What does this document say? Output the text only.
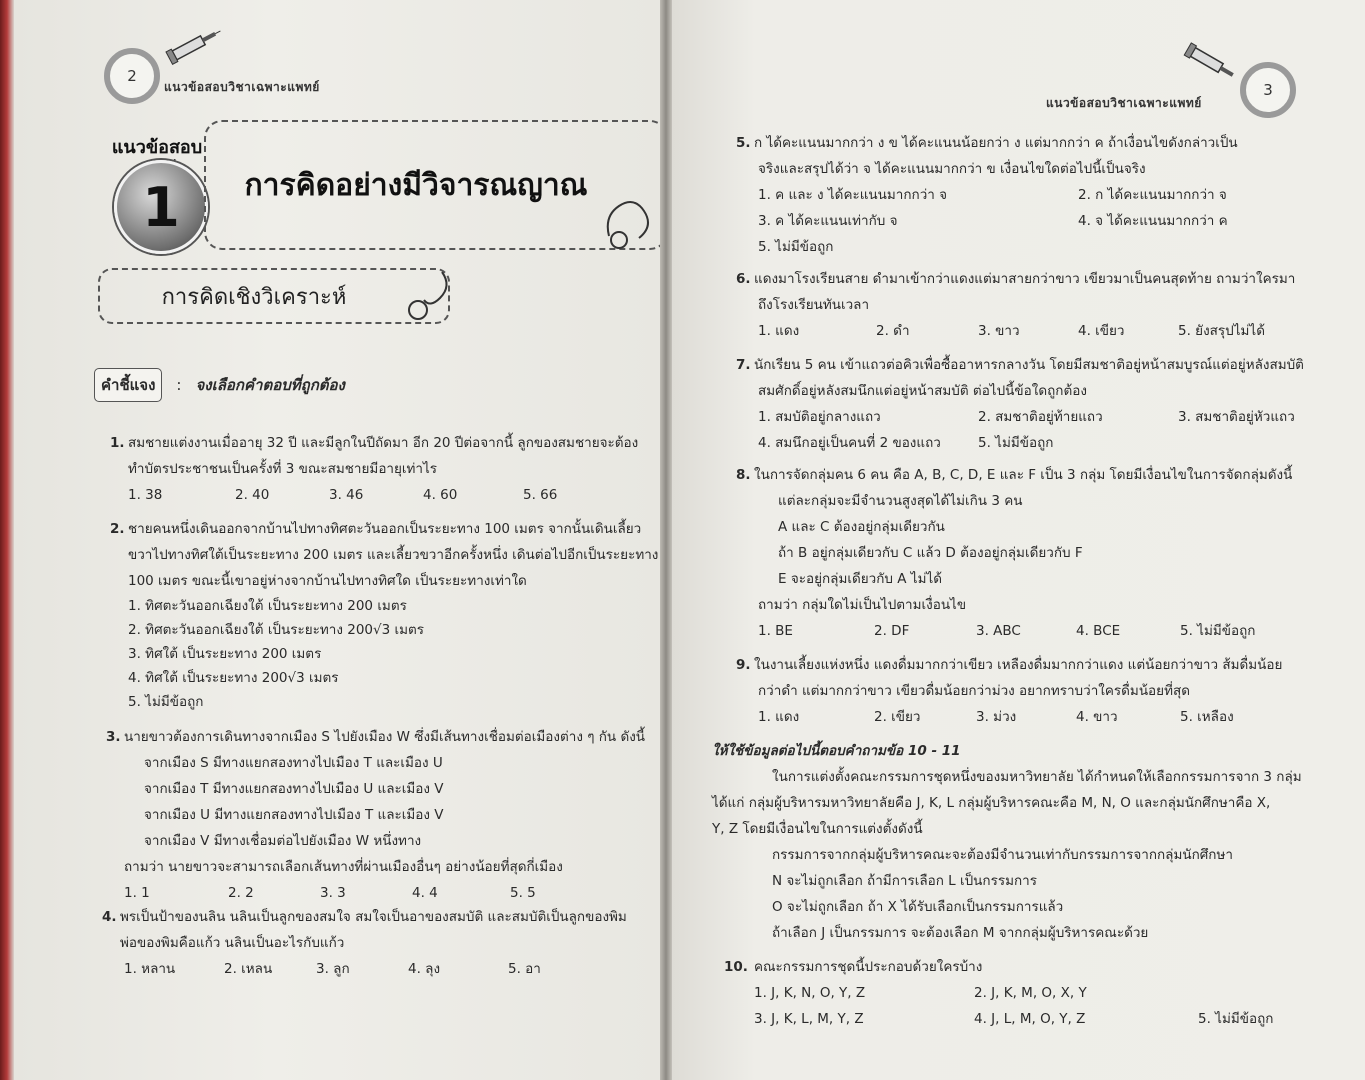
2
แนวข้อสอบวิชาเฉพาะแพทย์
แนวข้อสอบ
1	การคิดอย่างมีวิจารณญาณ
การคิดเชิงวิเคราะห์
คำชี้แจง	: จงเลือกคำตอบที่ถูกต้อง
1. สมชายแต่งงานเมื่ออายุ 32 ปี และมีลูกในปีถัดมา อีก 20 ปีต่อจากนี้ ลูกของสมชายจะต้อง
ทำบัตรประชาชนเป็นครั้งที่ 3 ขณะสมชายมีอายุเท่าไร
1. 38	2. 40	3. 46	4. 60	5. 66
2. ชายคนหนึ่งเดินออกจากบ้านไปทางทิศตะวันออกเป็นระยะทาง 100 เมตร จากนั้นเดินเลี้ยว
ขวาไปทางทิศใต้เป็นระยะทาง 200 เมตร และเลี้ยวขวาอีกครั้งหนึ่ง เดินต่อไปอีกเป็นระยะทาง
100 เมตร ขณะนี้เขาอยู่ห่างจากบ้านไปทางทิศใด เป็นระยะทางเท่าใด
1. ทิศตะวันออกเฉียงใต้ เป็นระยะทาง 200 เมตร
2. ทิศตะวันออกเฉียงใต้ เป็นระยะทาง 200√3 เมตร
3. ทิศใต้ เป็นระยะทาง 200 เมตร
4. ทิศใต้ เป็นระยะทาง 200√3 เมตร
5. ไม่มีข้อถูก
3. นายขาวต้องการเดินทางจากเมือง S ไปยังเมือง W ซึ่งมีเส้นทางเชื่อมต่อเมืองต่าง ๆ กัน ดังนี้
จากเมือง S มีทางแยกสองทางไปเมือง T และเมือง U
จากเมือง T มีทางแยกสองทางไปเมือง U และเมือง V
จากเมือง U มีทางแยกสองทางไปเมือง T และเมือง V
จากเมือง V มีทางเชื่อมต่อไปยังเมือง W หนึ่งทาง
ถามว่า นายขาวจะสามารถเลือกเส้นทางที่ผ่านเมืองอื่นๆ อย่างน้อยที่สุดกี่เมือง
1. 1	2. 2	3. 3	4. 4	5. 5
4. พรเป็นป้าของนลิน นลินเป็นลูกของสมใจ สมใจเป็นอาของสมบัติ และสมบัติเป็นลูกของพิม
พ่อของพิมคือแก้ว นลินเป็นอะไรกับแก้ว
1. หลาน	2. เหลน	3. ลูก	4. ลุง	5. อา
แนวข้อสอบวิชาเฉพาะแพทย์
3
5. ก ได้คะแนนมากกว่า ง ข ได้คะแนนน้อยกว่า ง แต่มากกว่า ค ถ้าเงื่อนไขดังกล่าวเป็น
จริงและสรุปได้ว่า จ ได้คะแนนมากกว่า ข เงื่อนไขใดต่อไปนี้เป็นจริง
1. ค และ ง ได้คะแนนมากกว่า จ	2. ก ได้คะแนนมากกว่า จ
3. ค ได้คะแนนเท่ากับ จ	4. จ ได้คะแนนมากกว่า ค
5. ไม่มีข้อถูก
6. แดงมาโรงเรียนสาย ดำมาเข้ากว่าแดงแต่มาสายกว่าขาว เขียวมาเป็นคนสุดท้าย ถามว่าใครมา
ถึงโรงเรียนทันเวลา
1. แดง	2. ดำ	3. ขาว	4. เขียว	5. ยังสรุปไม่ได้
7. นักเรียน 5 คน เข้าแถวต่อคิวเพื่อซื้ออาหารกลางวัน โดยมีสมชาติอยู่หน้าสมบูรณ์แต่อยู่หลังสมบัติ
สมศักดิ์อยู่หลังสมนึกแต่อยู่หน้าสมบัติ ต่อไปนี้ข้อใดถูกต้อง
1. สมบัติอยู่กลางแถว	2. สมชาติอยู่ท้ายแถว	3. สมชาติอยู่หัวแถว
4. สมนึกอยู่เป็นคนที่ 2 ของแถว	5. ไม่มีข้อถูก
8. ในการจัดกลุ่มคน 6 คน คือ A, B, C, D, E และ F เป็น 3 กลุ่ม โดยมีเงื่อนไขในการจัดกลุ่มดังนี้
แต่ละกลุ่มจะมีจำนวนสูงสุดได้ไม่เกิน 3 คน
A และ C ต้องอยู่กลุ่มเดียวกัน
ถ้า B อยู่กลุ่มเดียวกับ C แล้ว D ต้องอยู่กลุ่มเดียวกับ F
E จะอยู่กลุ่มเดียวกับ A ไม่ได้
ถามว่า กลุ่มใดไม่เป็นไปตามเงื่อนไข
1. BE	2. DF	3. ABC	4. BCE	5. ไม่มีข้อถูก
9. ในงานเลี้ยงแห่งหนึ่ง แดงดื่มมากกว่าเขียว เหลืองดื่มมากกว่าแดง แต่น้อยกว่าขาว ส้มดื่มน้อย
กว่าดำ แต่มากกว่าขาว เขียวดื่มน้อยกว่าม่วง อยากทราบว่าใครดื่มน้อยที่สุด
1. แดง	2. เขียว	3. ม่วง	4. ขาว	5. เหลือง
ให้ใช้ข้อมูลต่อไปนี้ตอบคำถามข้อ 10 - 11
ในการแต่งตั้งคณะกรรมการชุดหนึ่งของมหาวิทยาลัย ได้กำหนดให้เลือกกรรมการจาก 3 กลุ่ม
ได้แก่ กลุ่มผู้บริหารมหาวิทยาลัยคือ J, K, L กลุ่มผู้บริหารคณะคือ M, N, O และกลุ่มนักศึกษาคือ X,
Y, Z โดยมีเงื่อนไขในการแต่งตั้งดังนี้
กรรมการจากกลุ่มผู้บริหารคณะจะต้องมีจำนวนเท่ากับกรรมการจากกลุ่มนักศึกษา
N จะไม่ถูกเลือก ถ้ามีการเลือก L เป็นกรรมการ
O จะไม่ถูกเลือก ถ้า X ได้รับเลือกเป็นกรรมการแล้ว
ถ้าเลือก J เป็นกรรมการ จะต้องเลือก M จากกลุ่มผู้บริหารคณะด้วย
10. คณะกรรมการชุดนี้ประกอบด้วยใครบ้าง
1. J, K, N, O, Y, Z	2. J, K, M, O, X, Y
3. J, K, L, M, Y, Z	4. J, L, M, O, Y, Z	5. ไม่มีข้อถูก
